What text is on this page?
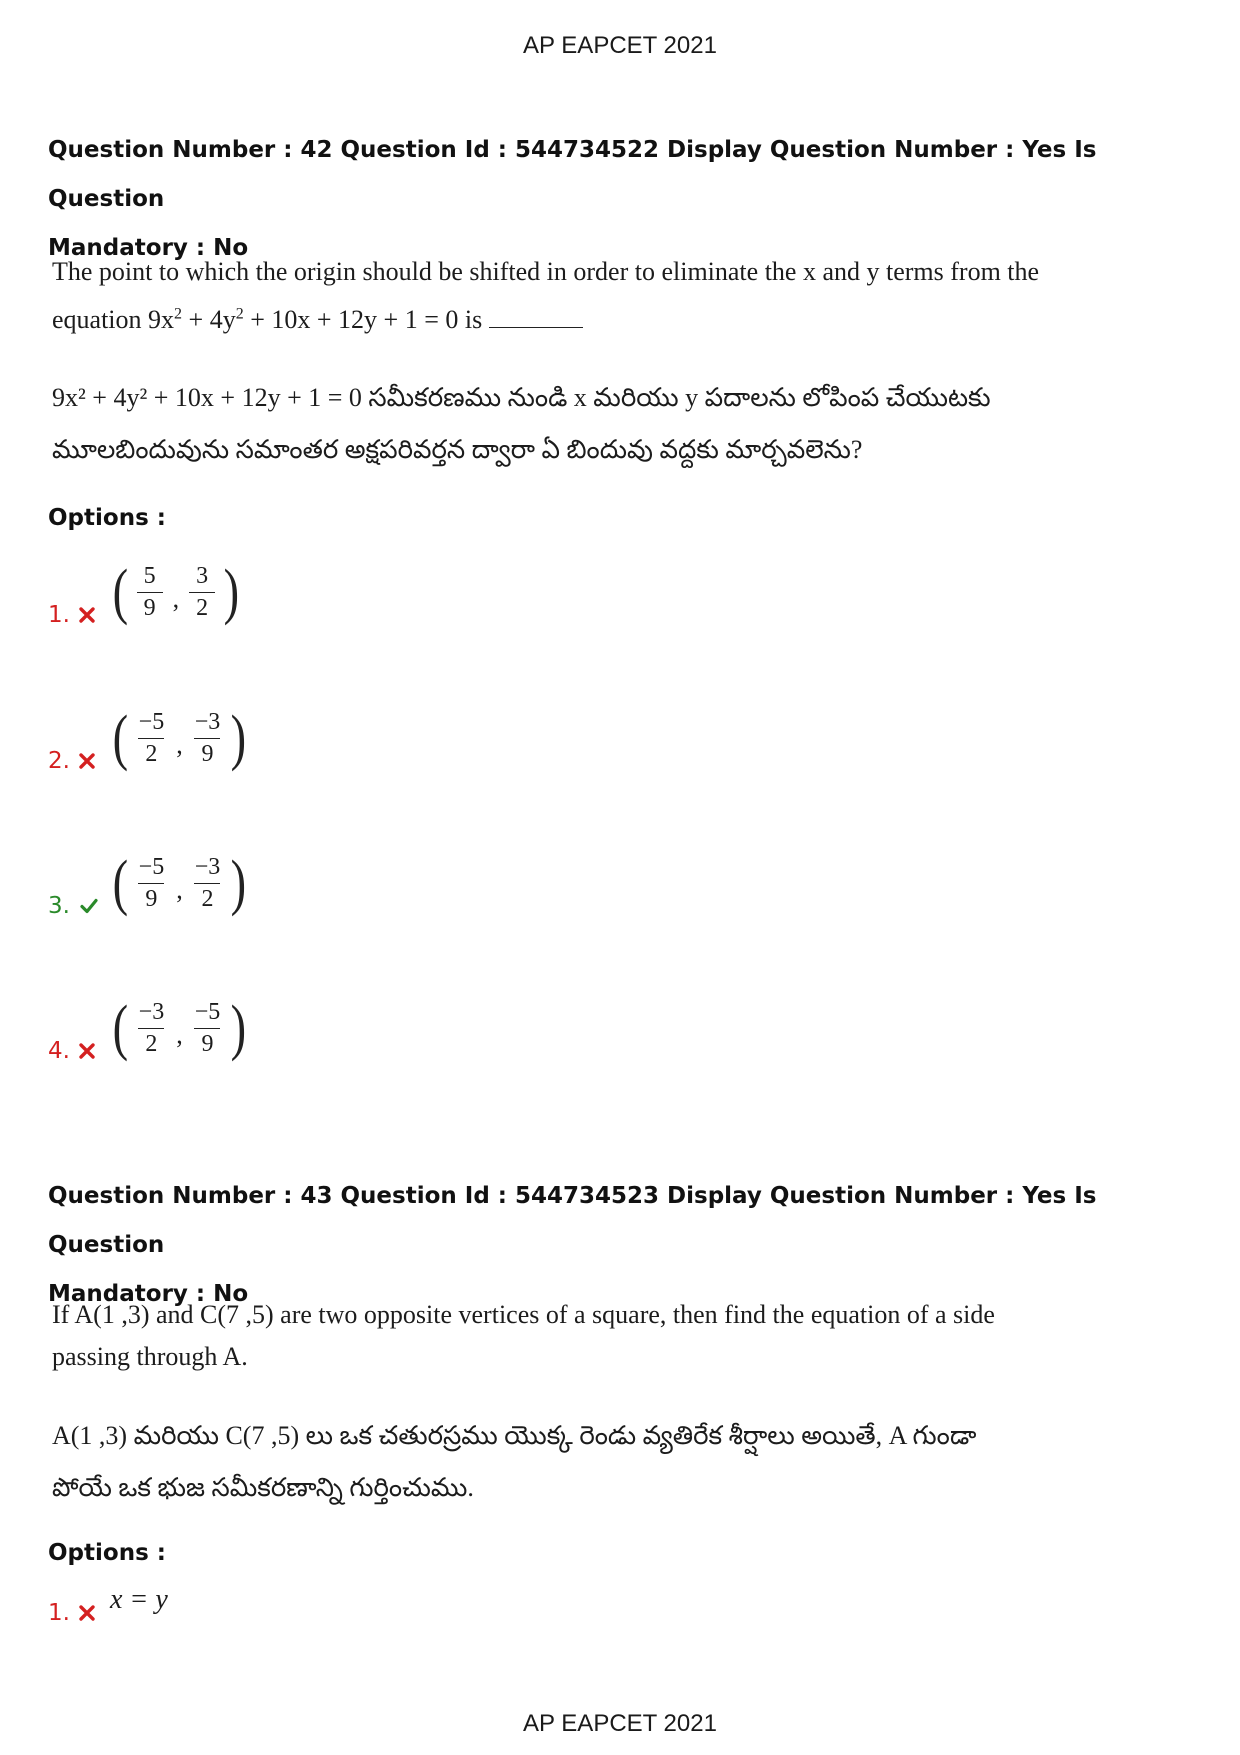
AP EAPCET 2021
Question Number : 42 Question Id : 544734522 Display Question Number : Yes Is Question
Mandatory : No
The point to which the origin should be shifted in order to eliminate the x and y terms from the
equation $9x^2 + 4y^2 + 10x + 12y + 1 = 0$ is
9x² + 4y² + 10x + 12y + 1 = 0 సమీకరణము నుండి x మరియు y పదాలను లోపింప చేయుటకు
మూలబిందువును సమాంతర అక్షపరివర్తన ద్వారా ఏ బిందువు వద్దకు మార్చవలెను?
Options :
1. ( $\frac{5}{9}$ , $\frac{3}{2}$ )
2. ( $\frac{-5}{2}$ , $\frac{-3}{9}$ )
3. ( $\frac{-5}{9}$ , $\frac{-3}{2}$ )
4. ( $\frac{-3}{2}$ , $\frac{-5}{9}$ )
Question Number : 43 Question Id : 544734523 Display Question Number : Yes Is Question
Mandatory : No
If A(1 ,3) and C(7 ,5) are two opposite vertices of a square, then find the equation of a side
passing through A.
A(1 ,3) మరియు C(7 ,5) లు ఒక చతురస్రము యొక్క రెండు వ్యతిరేక శీర్షాలు అయితే, A గుండా
పోయే ఒక భుజ సమీకరణాన్ని గుర్తించుము.
Options :
1. x = y
AP EAPCET 2021
